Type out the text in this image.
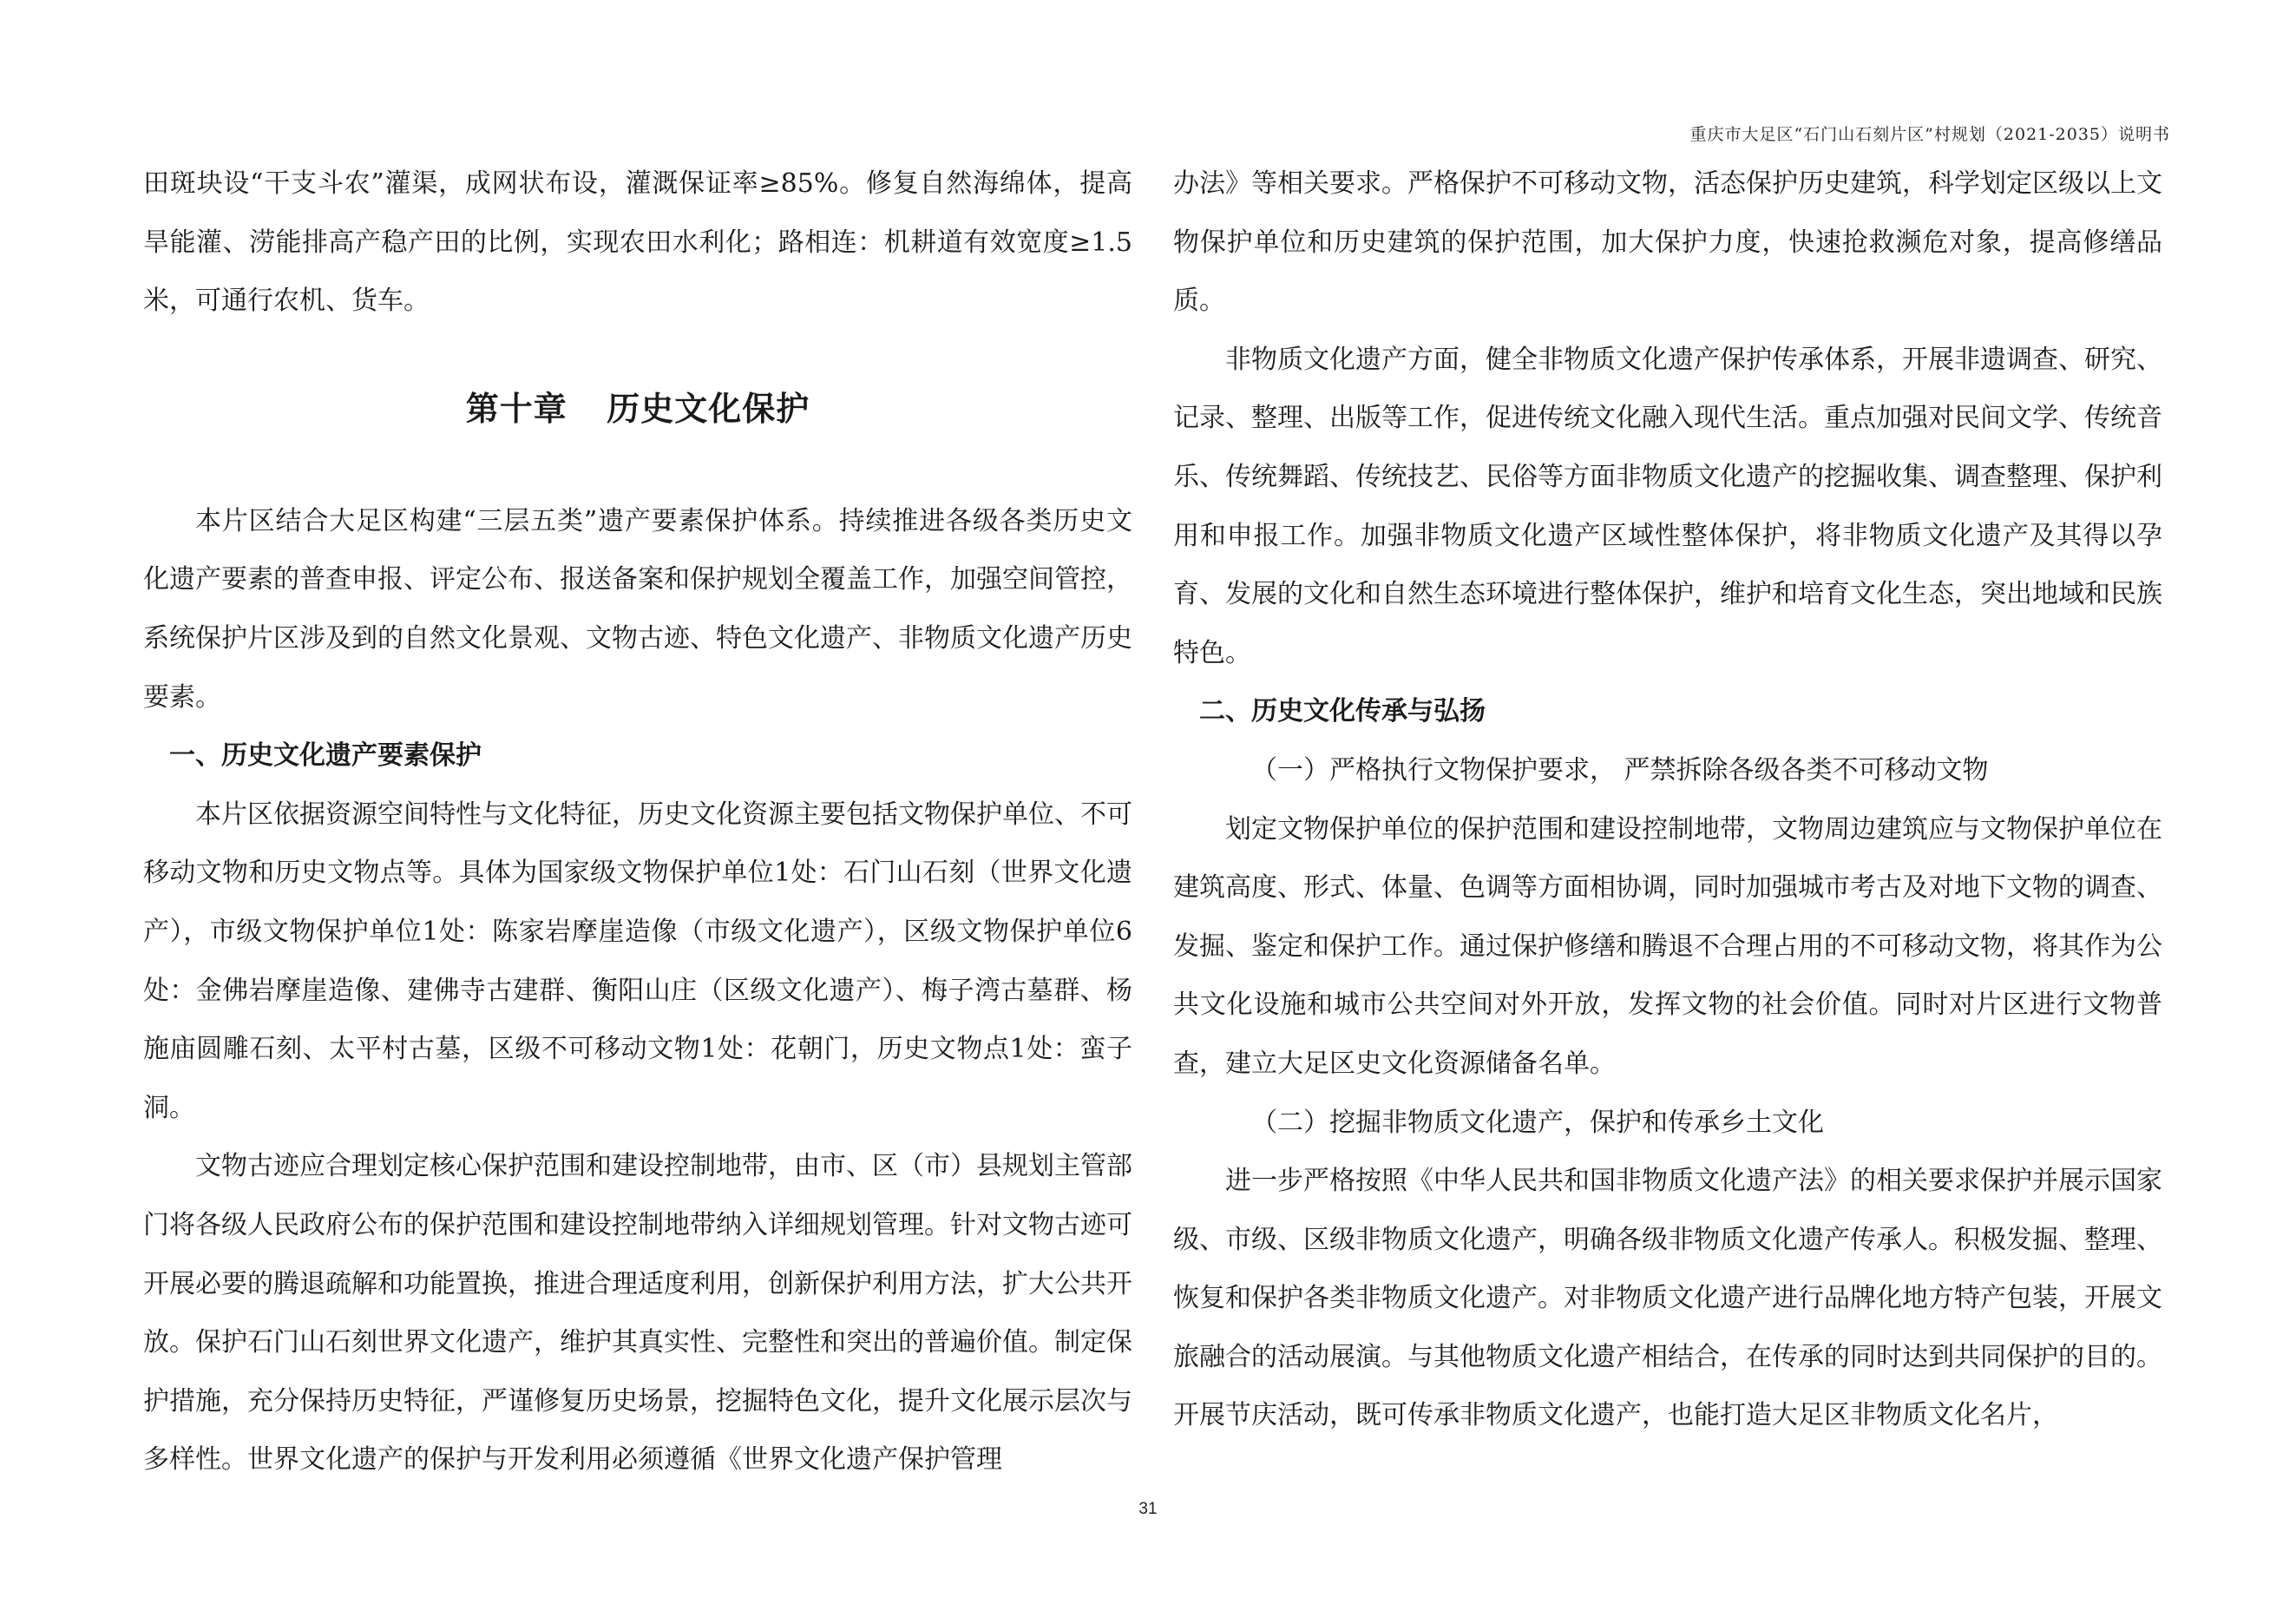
重庆市大足区“石门山石刻片区”村规划（2021-2035）说明书

田斑块设“干支斗农”灌渠，成网状布设，灌溉保证率≥85%。修复自然海绵体，提高旱能灌、涝能排高产稳产田的比例，实现农田水利化；路相连：机耕道有效宽度≥1.5米，可通行农机、货车。

第十章 历史文化保护

本片区结合大足区构建“三层五类”遗产要素保护体系。持续推进各级各类历史文化遗产要素的普查申报、评定公布、报送备案和保护规划全覆盖工作，加强空间管控，系统保护片区涉及到的自然文化景观、文物古迹、特色文化遗产、非物质文化遗产历史要素。

一、历史文化遗产要素保护

本片区依据资源空间特性与文化特征，历史文化资源主要包括文物保护单位、不可移动文物和历史文物点等。具体为国家级文物保护单位1处：石门山石刻（世界文化遗产），市级文物保护单位1处：陈家岩摩崖造像（市级文化遗产），区级文物保护单位6处：金佛岩摩崖造像、建佛寺古建群、衡阳山庄（区级文化遗产）、梅子湾古墓群、杨施庙圆雕石刻、太平村古墓，区级不可移动文物1处：花朝门，历史文物点1处：蛮子洞。

文物古迹应合理划定核心保护范围和建设控制地带，由市、区（市）县规划主管部门将各级人民政府公布的保护范围和建设控制地带纳入详细规划管理。针对文物古迹可开展必要的腾退疏解和功能置换，推进合理适度利用，创新保护利用方法，扩大公共开放。保护石门山石刻世界文化遗产，维护其真实性、完整性和突出的普遍价值。制定保护措施，充分保持历史特征，严谨修复历史场景，挖掘特色文化，提升文化展示层次与多样性。世界文化遗产的保护与开发利用必须遵循《世界文化遗产保护管理

办法》等相关要求。严格保护不可移动文物，活态保护历史建筑，科学划定区级以上文物保护单位和历史建筑的保护范围，加大保护力度，快速抢救濒危对象，提高修缮品质。

非物质文化遗产方面，健全非物质文化遗产保护传承体系，开展非遗调查、研究、记录、整理、出版等工作，促进传统文化融入现代生活。重点加强对民间文学、传统音乐、传统舞蹈、传统技艺、民俗等方面非物质文化遗产的挖掘收集、调查整理、保护利用和申报工作。加强非物质文化遗产区域性整体保护，将非物质文化遗产及其得以孕育、发展的文化和自然生态环境进行整体保护，维护和培育文化生态，突出地域和民族特色。

二、历史文化传承与弘扬

（一）严格执行文物保护要求， 严禁拆除各级各类不可移动文物

划定文物保护单位的保护范围和建设控制地带，文物周边建筑应与文物保护单位在建筑高度、形式、体量、色调等方面相协调，同时加强城市考古及对地下文物的调查、发掘、鉴定和保护工作。通过保护修缮和腾退不合理占用的不可移动文物，将其作为公共文化设施和城市公共空间对外开放，发挥文物的社会价值。同时对片区进行文物普查，建立大足区史文化资源储备名单。

（二）挖掘非物质文化遗产，保护和传承乡土文化

进一步严格按照《中华人民共和国非物质文化遗产法》的相关要求保护并展示国家级、市级、区级非物质文化遗产，明确各级非物质文化遗产传承人。积极发掘、整理、恢复和保护各类非物质文化遗产。对非物质文化遗产进行品牌化地方特产包装，开展文旅融合的活动展演。与其他物质文化遗产相结合，在传承的同时达到共同保护的目的。开展节庆活动，既可传承非物质文化遗产，也能打造大足区非物质文化名片，

31
